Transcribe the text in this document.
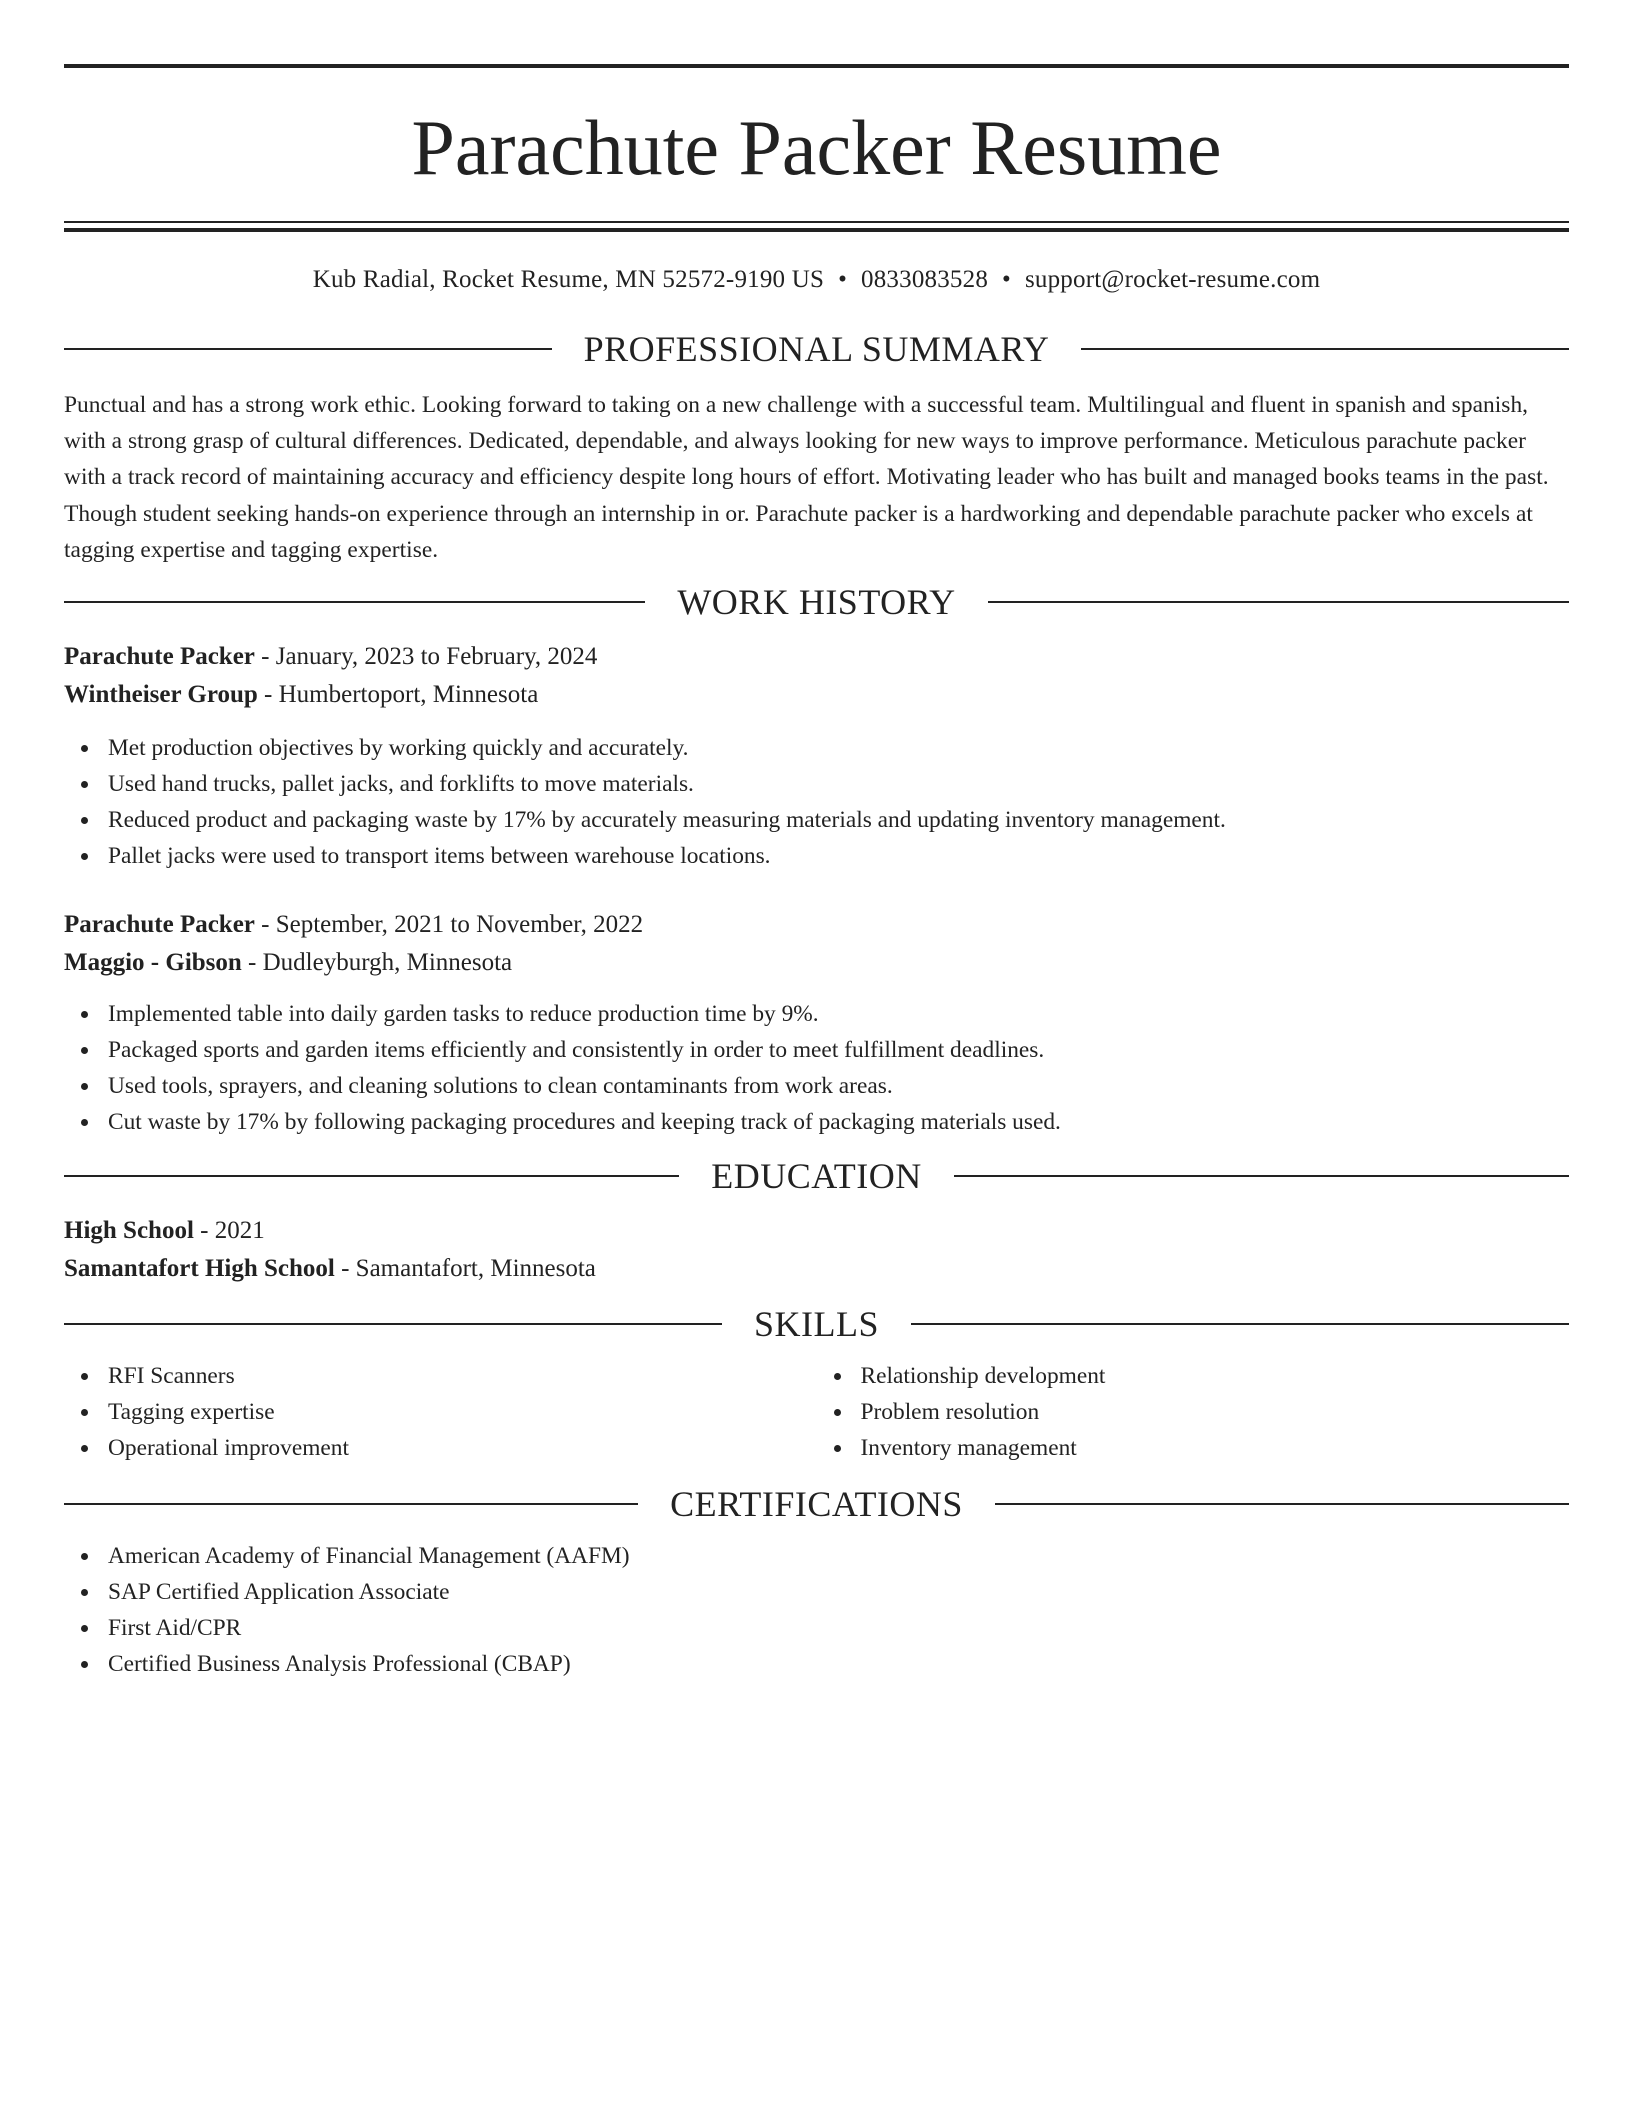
Parachute Packer Resume
Kub Radial, Rocket Resume, MN 52572-9190 US • 0833083528 • support@rocket-resume.com
PROFESSIONAL SUMMARY
Punctual and has a strong work ethic. Looking forward to taking on a new challenge with a successful team. Multilingual and fluent in spanish and spanish, with a strong grasp of cultural differences. Dedicated, dependable, and always looking for new ways to improve performance. Meticulous parachute packer with a track record of maintaining accuracy and efficiency despite long hours of effort. Motivating leader who has built and managed books teams in the past. Though student seeking hands-on experience through an internship in or. Parachute packer is a hardworking and dependable parachute packer who excels at tagging expertise and tagging expertise.
WORK HISTORY
Parachute Packer - January, 2023 to February, 2024
Wintheiser Group - Humbertoport, Minnesota
Met production objectives by working quickly and accurately.
Used hand trucks, pallet jacks, and forklifts to move materials.
Reduced product and packaging waste by 17% by accurately measuring materials and updating inventory management.
Pallet jacks were used to transport items between warehouse locations.
Parachute Packer - September, 2021 to November, 2022
Maggio - Gibson - Dudleyburgh, Minnesota
Implemented table into daily garden tasks to reduce production time by 9%.
Packaged sports and garden items efficiently and consistently in order to meet fulfillment deadlines.
Used tools, sprayers, and cleaning solutions to clean contaminants from work areas.
Cut waste by 17% by following packaging procedures and keeping track of packaging materials used.
EDUCATION
High School - 2021
Samantafort High School - Samantafort, Minnesota
SKILLS
RFI Scanners
Tagging expertise
Operational improvement
Relationship development
Problem resolution
Inventory management
CERTIFICATIONS
American Academy of Financial Management (AAFM)
SAP Certified Application Associate
First Aid/CPR
Certified Business Analysis Professional (CBAP)
